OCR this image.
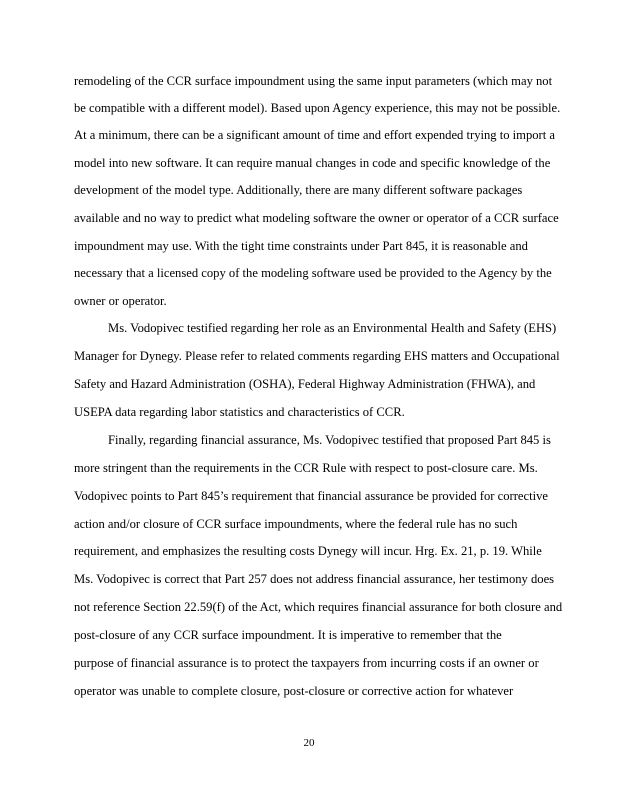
remodeling of the CCR surface impoundment using the same input parameters (which may not
be compatible with a different model). Based upon Agency experience, this may not be possible.
At a minimum, there can be a significant amount of time and effort expended trying to import a
model into new software. It can require manual changes in code and specific knowledge of the
development of the model type. Additionally, there are many different software packages
available and no way to predict what modeling software the owner or operator of a CCR surface
impoundment may use. With the tight time constraints under Part 845, it is reasonable and
necessary that a licensed copy of the modeling software used be provided to the Agency by the
owner or operator.
Ms. Vodopivec testified regarding her role as an Environmental Health and Safety (EHS)
Manager for Dynegy. Please refer to related comments regarding EHS matters and Occupational
Safety and Hazard Administration (OSHA), Federal Highway Administration (FHWA), and
USEPA data regarding labor statistics and characteristics of CCR.
Finally, regarding financial assurance, Ms. Vodopivec testified that proposed Part 845 is
more stringent than the requirements in the CCR Rule with respect to post-closure care. Ms.
Vodopivec points to Part 845’s requirement that financial assurance be provided for corrective
action and/or closure of CCR surface impoundments, where the federal rule has no such
requirement, and emphasizes the resulting costs Dynegy will incur. Hrg. Ex. 21, p. 19. While
Ms. Vodopivec is correct that Part 257 does not address financial assurance, her testimony does
not reference Section 22.59(f) of the Act, which requires financial assurance for both closure and
post-closure of any CCR surface impoundment. It is imperative to remember that the
purpose of financial assurance is to protect the taxpayers from incurring costs if an owner or
operator was unable to complete closure, post-closure or corrective action for whatever
20
